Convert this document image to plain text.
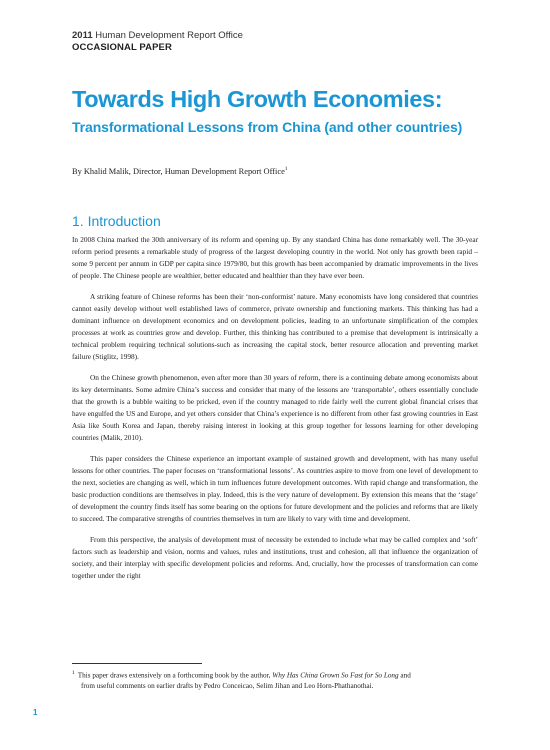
2011 Human Development Report Office
OCCASIONAL PAPER
Towards High Growth Economies:
Transformational Lessons from China (and other countries)
By Khalid Malik, Director, Human Development Report Office$^1$
1. Introduction

In 2008 China marked the 30th anniversary of its reform and opening up. By any standard China has done remarkably well. The 30-year reform period presents a remarkable study of progress of the largest developing country in the world. Not only has growth been rapid – some 9 percent per annum in GDP per capita since 1979/80, but this growth has been accompanied by dramatic improvements in the lives of people. The Chinese people are wealthier, better educated and healthier than they have ever been.

A striking feature of Chinese reforms has been their ‘non-conformist’ nature. Many economists have long considered that countries cannot easily develop without well established laws of commerce, private ownership and functioning markets. This thinking has had a dominant influence on development economics and on development policies, leading to an unfortunate simplification of the complex processes at work as countries grow and develop. Further, this thinking has contributed to a premise that development is intrinsically a technical problem requiring technical solutions-such as increasing the capital stock, better resource allocation and preventing market failure (Stiglitz, 1998).

On the Chinese growth phenomenon, even after more than 30 years of reform, there is a continuing debate among economists about its key determinants. Some admire China’s success and consider that many of the lessons are ‘transportable’, others essentially conclude that the growth is a bubble waiting to be pricked, even if the country managed to ride fairly well the current global financial crises that have engulfed the US and Europe, and yet others consider that China’s experience is no different from other fast growing countries in East Asia like South Korea and Japan, thereby raising interest in looking at this group together for lessons learning for other developing countries (Malik, 2010).

This paper considers the Chinese experience an important example of sustained growth and development, with has many useful lessons for other countries. The paper focuses on ‘transformational lessons’. As countries aspire to move from one level of development to the next, societies are changing as well, which in turn influences future development outcomes. With rapid change and transformation, the basic production conditions are themselves in play. Indeed, this is the very nature of development. By extension this means that the ‘stage’ of development the country finds itself has some bearing on the options for future development and the policies and reforms that are likely to succeed. The comparative strengths of countries themselves in turn are likely to vary with time and development.

From this perspective, the analysis of development must of necessity be extended to include what may be called complex and ‘soft’ factors such as leadership and vision, norms and values, rules and institutions, trust and cohesion, all that influence the organization of society, and their interplay with specific development policies and reforms. And, crucially, how the processes of transformation can come together under the right

$^1$ This paper draws extensively on a forthcoming book by the author, Why Has China Grown So Fast for So Long and
from useful comments on earlier drafts by Pedro Conceicao, Selim Jihan and Leo Horn-Phathanothai.
1
